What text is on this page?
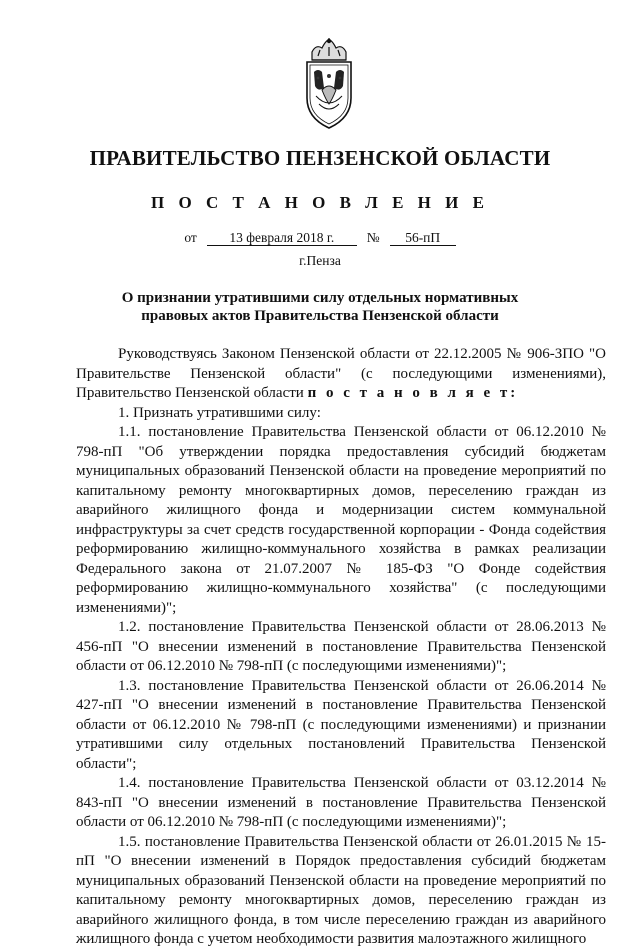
ПРАВИТЕЛЬСТВО ПЕНЗЕНСКОЙ ОБЛАСТИ
П О С Т А Н О В Л Е Н И Е
от 13 февраля 2018 г. № 56-пП
г.Пенза
О признании утратившими силу отдельных нормативных
правовых актов Правительства Пензенской области

Руководствуясь Законом Пензенской области от 22.12.2005 № 906-ЗПО "О Правительстве Пензенской области" (с последующими изменениями), Правительство Пензенской области п о с т а н о в л я е т:

1. Признать утратившими силу:

1.1. постановление Правительства Пензенской области от 06.12.2010 № 798-пП "Об утверждении порядка предоставления субсидий бюджетам муниципальных образований Пензенской области на проведение мероприятий по капитальному ремонту многоквартирных домов, переселению граждан из аварийного жилищного фонда и модернизации систем коммунальной инфраструктуры за счет средств государственной корпорации - Фонда содействия реформированию жилищно-коммунального хозяйства в рамках реализации Федерального закона от 21.07.2007 № 185-ФЗ "О Фонде содействия реформированию жилищно-коммунального хозяйства" (с последующими изменениями)";

1.2. постановление Правительства Пензенской области от 28.06.2013 № 456-пП "О внесении изменений в постановление Правительства Пензенской области от 06.12.2010 № 798-пП (с последующими изменениями)";

1.3. постановление Правительства Пензенской области от 26.06.2014 № 427-пП "О внесении изменений в постановление Правительства Пензенской области от 06.12.2010 № 798-пП (с последующими изменениями) и признании утратившими силу отдельных постановлений Правительства Пензенской области";

1.4. постановление Правительства Пензенской области от 03.12.2014 № 843-пП "О внесении изменений в постановление Правительства Пензенской области от 06.12.2010 № 798-пП (с последующими изменениями)";

1.5. постановление Правительства Пензенской области от 26.01.2015 № 15-пП "О внесении изменений в Порядок предоставления субсидий бюджетам муниципальных образований Пензенской области на проведение мероприятий по капитальному ремонту многоквартирных домов, переселению граждан из аварийного жилищного фонда, в том числе переселению граждан из аварийного жилищного фонда с учетом необходимости развития малоэтажного жилищного
